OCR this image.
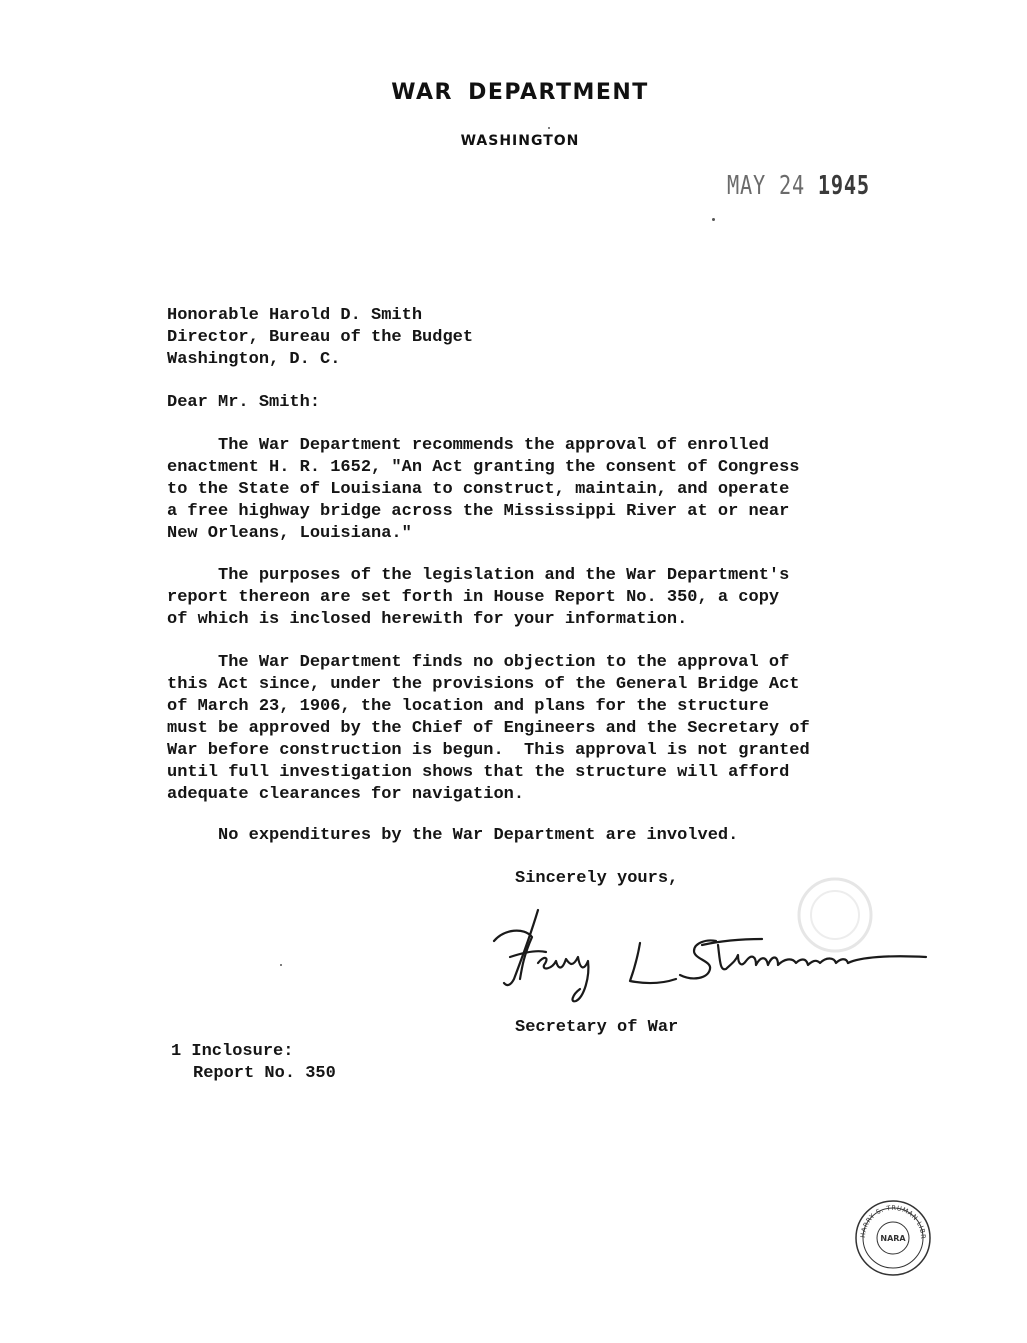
WAR DEPARTMENT
WASHINGTON
MAY 24 1945
Honorable Harold D. Smith
Director, Bureau of the Budget
Washington, D. C.
Dear Mr. Smith:
The War Department recommends the approval of enrolled
enactment H. R. 1652, "An Act granting the consent of Congress
to the State of Louisiana to construct, maintain, and operate
a free highway bridge across the Mississippi River at or near
New Orleans, Louisiana."
The purposes of the legislation and the War Department's
report thereon are set forth in House Report No. 350, a copy
of which is inclosed herewith for your information.
The War Department finds no objection to the approval of
this Act since, under the provisions of the General Bridge Act
of March 23, 1906, the location and plans for the structure
must be approved by the Chief of Engineers and the Secretary of
War before construction is begun.  This approval is not granted
until full investigation shows that the structure will afford
adequate clearances for navigation.
No expenditures by the War Department are involved.
Sincerely yours,
Secretary of War
1 Inclosure:
Report No. 350
HARRY S. TRUMAN LIBR
NARA
